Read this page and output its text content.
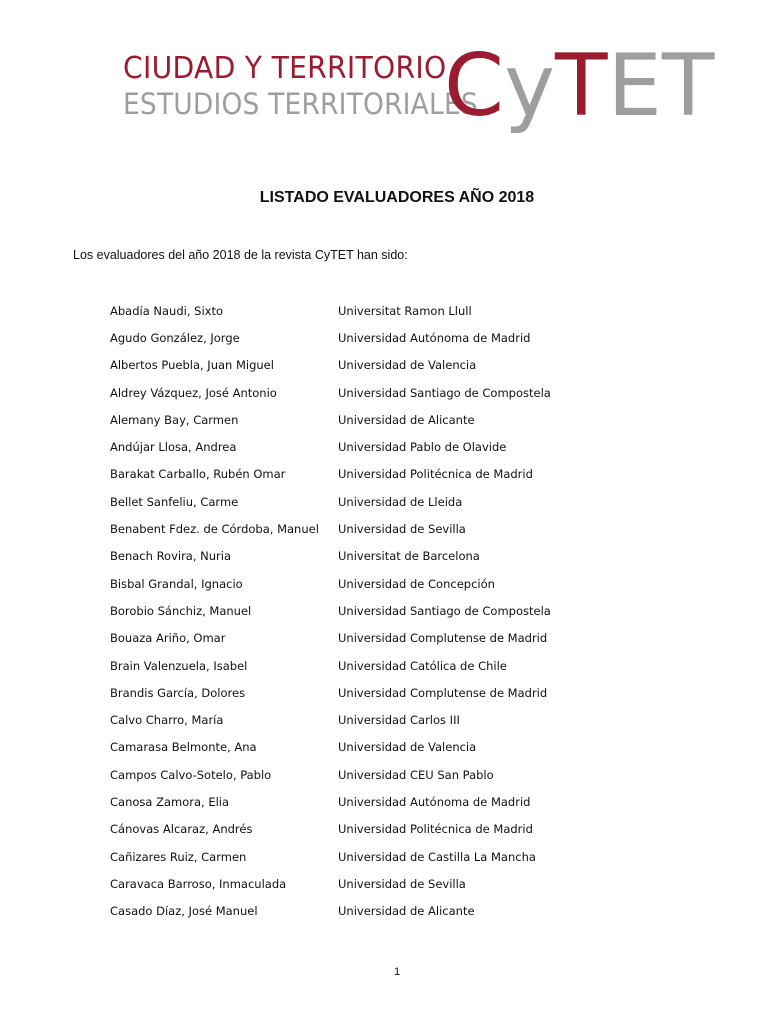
CIUDAD Y TERRITORIO
ESTUDIOS TERRITORIALES
CyTET
LISTADO EVALUADORES AÑO 2018
Los evaluadores del año 2018 de la revista CyTET han sido:
Abadía Naudi, Sixto	Universitat Ramon Llull
Agudo González, Jorge	Universidad Autónoma de Madrid
Albertos Puebla, Juan Miguel	Universidad de Valencia
Aldrey Vázquez, José Antonio	Universidad Santiago de Compostela
Alemany Bay, Carmen	Universidad de Alicante
Andújar Llosa, Andrea	Universidad Pablo de Olavide
Barakat Carballo, Rubén Omar	Universidad Politécnica de Madrid
Bellet Sanfeliu, Carme	Universidad de Lleida
Benabent Fdez. de Córdoba, Manuel	Universidad de Sevilla
Benach Rovira, Nuria	Universitat de Barcelona
Bisbal Grandal, Ignacio	Universidad de Concepción
Borobio Sánchiz, Manuel	Universidad Santiago de Compostela
Bouaza Ariño, Omar	Universidad Complutense de Madrid
Brain Valenzuela, Isabel	Universidad Católica de Chile
Brandis García, Dolores	Universidad Complutense de Madrid
Calvo Charro, María	Universidad Carlos III
Camarasa Belmonte, Ana	Universidad de Valencia
Campos Calvo-Sotelo, Pablo	Universidad CEU San Pablo
Canosa Zamora, Elia	Universidad Autónoma de Madrid
Cánovas Alcaraz, Andrés	Universidad Politécnica de Madrid
Cañizares Ruiz, Carmen	Universidad de Castilla La Mancha
Caravaca Barroso, Inmaculada	Universidad de Sevilla
Casado Díaz, José Manuel	Universidad de Alicante
1
